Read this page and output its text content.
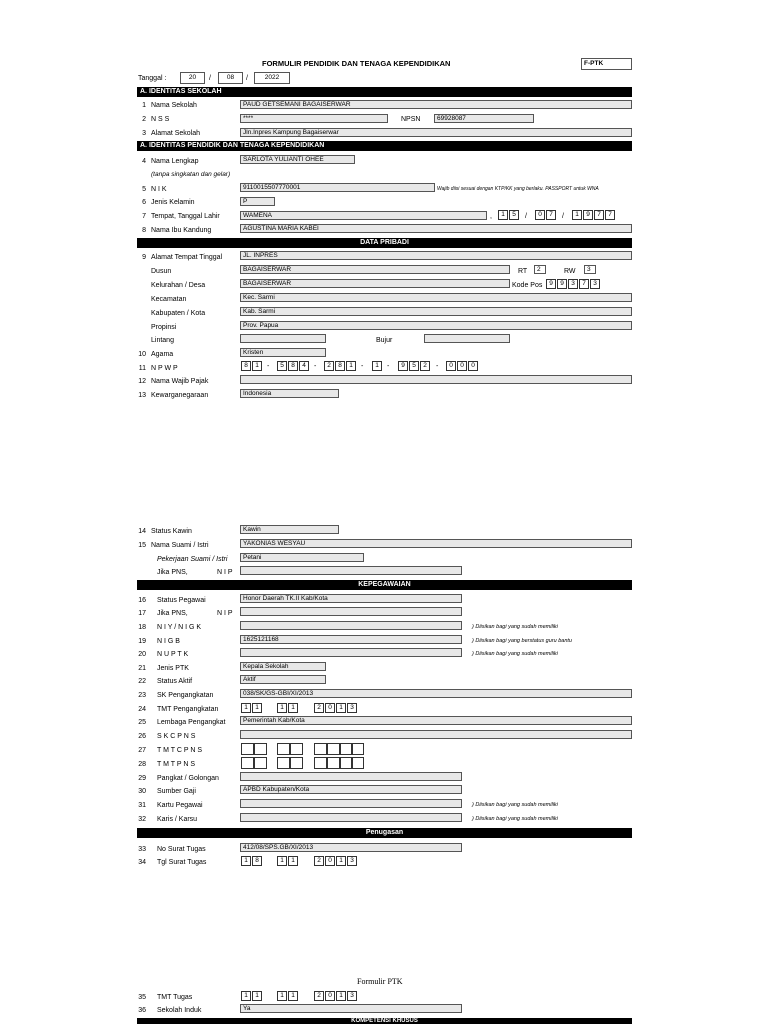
FORMULIR PENDIDIK DAN TENAGA KEPENDIDIKAN	F-PTK
Tanggal :	20	/	08	/	2022
A. IDENTITAS SEKOLAH
1 Nama Sekolah	PAUD GETSEMANI BAGAISERWAR
2 N S S	****	NPSN	69928087
3 Alamat Sekolah	Jln.Inpres Kampung Bagaiserwar
A. IDENTITAS PENDIDIK DAN TENAGA KEPENDIDIKAN
4 Nama Lengkap	SARLOTA YULIANTI OHEE
(tanpa singkatan dan gelar)
5 N I K	9110015507770001	Wajib diisi sesuai dengan KTP/KK yang berlaku. PASSPORT untuk WNA
6 Jenis Kelamin	P
7 Tempat, Tanggal Lahir	WAMENA	,	1	5	/	0	7	/	1	9	7	7
8 Nama Ibu Kandung	AGUSTINA MARIA KABEI
DATA PRIBADI
9 Alamat Tempat Tinggal	JL. INPRES
Dusun	BAGAISERWAR	RT	2	RW	3
Kelurahan / Desa	BAGAISERWAR	Kode Pos	9	9	3	7	3
Kecamatan	Kec. Sarmi
Kabupaten / Kota	Kab. Sarmi
Propinsi	Prov. Papua
Lintang	Bujur
10 Agama	Kristen
11 N P W P	8	1	-	5	8	4	-	2	8	1	-	1	-	9	5	2	-	0	0	0
12 Nama Wajib Pajak
13 Kewarganegaraan	Indonesia
14 Status Kawin	Kawin
15 Nama Suami / Istri	YAKONIAS WESYAU
Pekerjaan Suami / Istri	Petani
Jika PNS,	N I P
KEPEGAWAIAN
16 Status Pegawai	Honor Daerah TK.II Kab/Kota
17 Jika PNS,	N I P
18 N I Y / N I G K	) Diisikan bagi yang sudah memiliki
19 N I G B	1625121168	) Diisikan bagi yang berstatus guru bantu
20 N U P T K	) Diisikan bagi yang sudah memiliki
21 Jenis PTK	Kepala Sekolah
22 Status Aktif	Aktif
23 SK Pengangkatan	038/SK/GS-GBI/XI/2013
24 TMT Pengangkatan	1	1	1	1	2	0	1	3
25 Lembaga Pengangkat	Pemerintah Kab/Kota
26 S K C P N S
27 T M T C P N S
28 T M T P N S
29 Pangkat / Golongan
30 Sumber Gaji	APBD Kabupaten/Kota
31 Kartu Pegawai	) Diisikan bagi yang sudah memiliki
32 Karis / Karsu	) Diisikan bagi yang sudah memiliki
Penugasan
33 No Surat Tugas	412/08/SPS.GB/XI/2013
34 Tgl Surat Tugas	1	8	1	1	2	0	1	3
Formulir PTK
35 TMT Tugas	1	1	1	1	2	0	1	3
36 Sekolah Induk	Ya
KOMPETENSI KHUSUS
